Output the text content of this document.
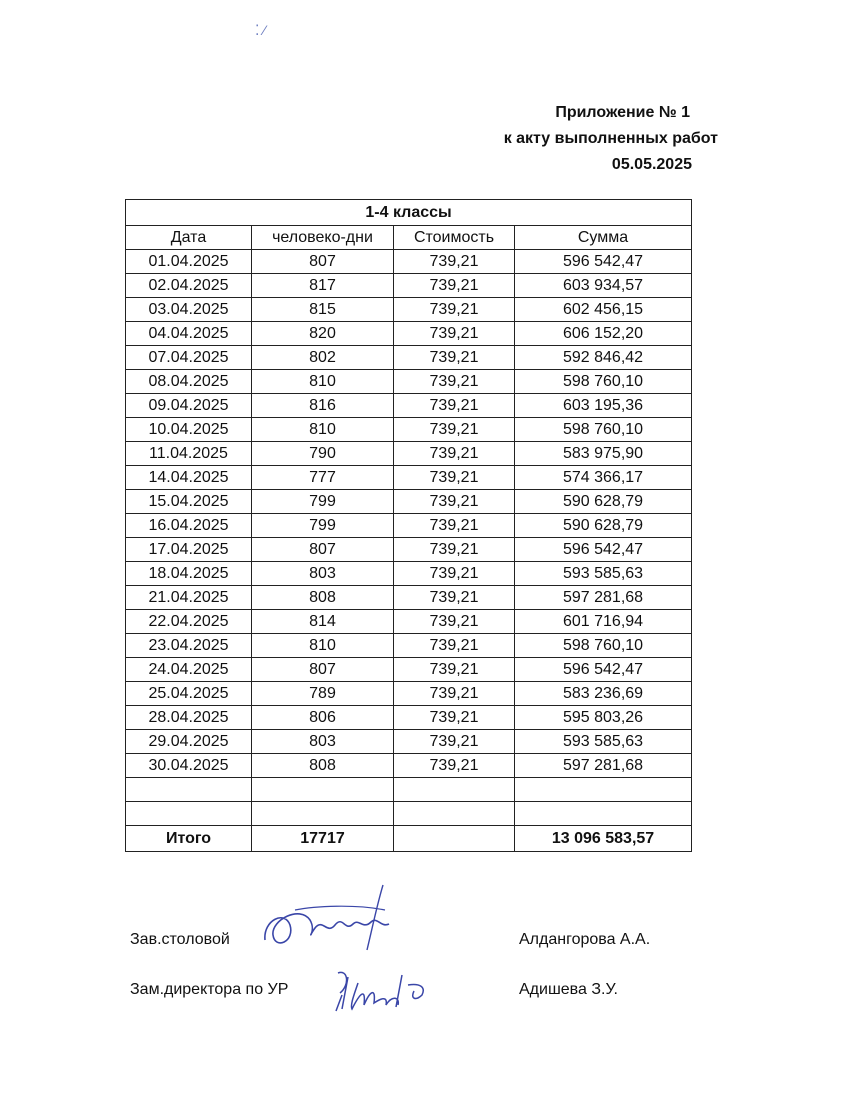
⁚ ⁄
Приложение № 1
к акту выполненных работ
05.05.2025
1-4 классы			
Дата	человеко-дни	Стоимость	Сумма
01.04.2025	807	739,21	596 542,47
02.04.2025	817	739,21	603 934,57
03.04.2025	815	739,21	602 456,15
04.04.2025	820	739,21	606 152,20
07.04.2025	802	739,21	592 846,42
08.04.2025	810	739,21	598 760,10
09.04.2025	816	739,21	603 195,36
10.04.2025	810	739,21	598 760,10
11.04.2025	790	739,21	583 975,90
14.04.2025	777	739,21	574 366,17
15.04.2025	799	739,21	590 628,79
16.04.2025	799	739,21	590 628,79
17.04.2025	807	739,21	596 542,47
18.04.2025	803	739,21	593 585,63
21.04.2025	808	739,21	597 281,68
22.04.2025	814	739,21	601 716,94
23.04.2025	810	739,21	598 760,10
24.04.2025	807	739,21	596 542,47
25.04.2025	789	739,21	583 236,69
28.04.2025	806	739,21	595 803,26
29.04.2025	803	739,21	593 585,63
30.04.2025	808	739,21	597 281,68

Итого	17717		13 096 583,57
Зав.столовой	Алдангорова А.А.
Зам.директора по УР	Адишева З.У.
